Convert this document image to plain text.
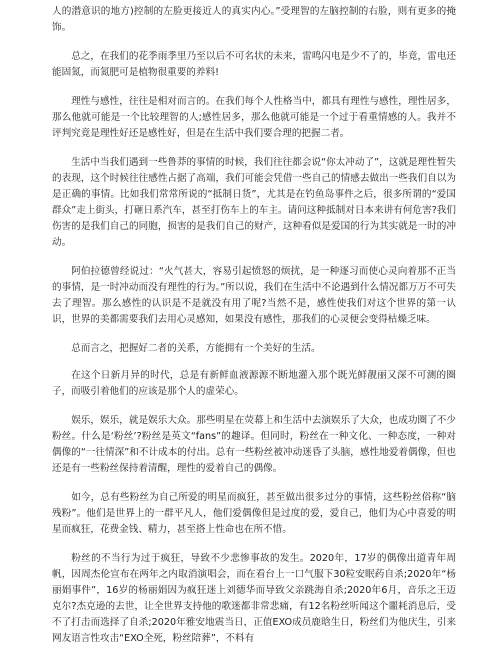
人的潜意识的地方)控制的左脸更接近人的真实内心。”受理智的左脑控制的右脸，则有更多的掩饰。

总之，在我们的花季雨季里乃至以后不可名状的未来，雷鸣闪电是少不了的，毕竟，雷电还能固氮，而氮肥可是植物很重要的养料!

理性与感性，往往是相对而言的。在我们每个人性格当中，都具有理性与感性，理性居多，那么他就可能是一个比较理智的人;感性居多，那么他就可能是一个过于看重情感的人。我并不评判究竟是理性好还是感性好，但是在生活中我们要合理的把握二者。

生活中当我们遇到一些鲁莽的事情的时候，我们往往都会说“你太冲动了”，这就是理性暂失的表现，这个时候往往感性占据了高端，我们可能会凭借一些自己的情感去做出一些我们自以为是正确的事情。比如我们常常所说的“抵制日货”，尤其是在钓鱼岛事件之后，很多所谓的“爱国群众”走上街头，打砸日系汽车，甚至打伤车上的车主。请问这种抵制对日本来讲有何危害?我们伤害的是我们自己的同胞，损害的是我们自己的财产，这种看似是爱国的行为其实就是一时的冲动。

阿伯拉德曾经说过：“火气甚大，容易引起愤怒的烦扰，是一种逐习而使心灵向着那不正当的事情，是一时冲动而没有理性的行为。”所以说，我们在生活中不论遇到什么情况都万万不可失去了理智。那么感性的认识是不是就没有用了呢?当然不是，感性使我们对这个世界的第一认识，世界的美都需要我们去用心灵感知，如果没有感性，那我们的心灵便会变得枯燥乏味。

总而言之，把握好二者的关系，方能拥有一个美好的生活。

在这个日新月异的时代，总是有新鲜血液源源不断地灌入那个既光鲜靓丽又深不可测的圈子，而吸引着他们的应该是那个人的虚荣心。

娱乐，娱乐，就是娱乐大众。那些明星在荧幕上和生活中去演娱乐了大众，也成功圈了不少粉丝。什么是‘粉丝’?粉丝是英文“fans”的趣译。但同时，粉丝在一种文化、一种态度，一种对偶像的“一往情深”和不计成本的付出。总有一些粉丝被冲动迷昏了头脑，感性地爱着偶像，但也还是有一些粉丝保持着清醒，理性的爱着自己的偶像。

如今，总有些粉丝为自己所爱的明星而疯狂，甚至做出很多过分的事情，这些粉丝俗称“脑残粉”。他们是世界上的一群平凡人，他们爱偶像但是过度的爱，爱自己，他们为心中喜爱的明星而疯狂，花费金钱、精力，甚至搭上性命也在所不惜。

粉丝的不当行为过于疯狂，导致不少悲惨事故的发生。2020年，17岁的偶像出道青年周帆，因周杰伦宣布在两年之内取消演唱会，而在看台上一口气服下30粒安眠药自杀;2020年“杨丽娟事件”，16岁的杨丽娟因为疯狂迷上刘德华而导致父亲跳海自杀;2020年6月，音乐之王迈克尔?杰克逊的去世，让全世界支持他的歌迷都非常悲痛，有12名粉丝听闻这个噩耗消息后，受不了打击而选择了自杀;2020年雅安地震当日，正值EXO成员鹿晗生日，粉丝们为他庆生，引来网友语言性攻击“EXO全死，粉丝陪葬”，不料有
